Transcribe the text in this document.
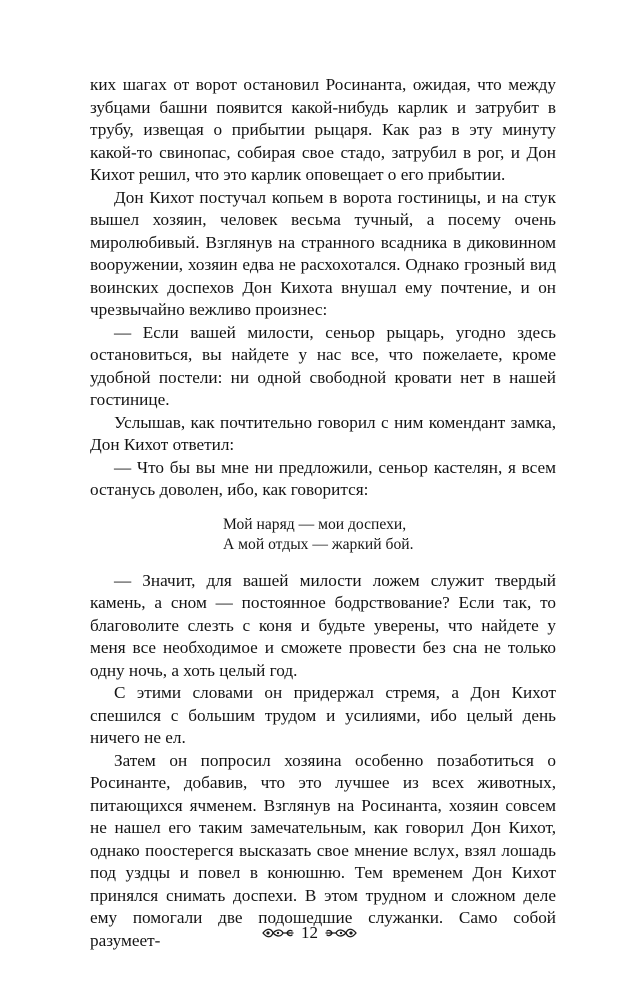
ких шагах от ворот остановил Росинанта, ожидая, что между зубцами башни появится какой-нибудь карлик и затрубит в трубу, извещая о прибытии рыцаря. Как раз в эту минуту какой-то свинопас, собирая свое стадо, затрубил в рог, и Дон Кихот решил, что это карлик оповещает о его прибытии.

Дон Кихот постучал копьем в ворота гостиницы, и на стук вышел хозяин, человек весьма тучный, а посему очень миролюбивый. Взглянув на странного всадника в диковинном вооружении, хозяин едва не расхохотался. Однако грозный вид воинских доспехов Дон Кихота внушал ему почтение, и он чрезвычайно вежливо произнес:

— Если вашей милости, сеньор рыцарь, угодно здесь остановиться, вы найдете у нас все, что пожелаете, кроме удобной постели: ни одной свободной кровати нет в нашей гостинице.

Услышав, как почтительно говорил с ним комендант замка, Дон Кихот ответил:

— Что бы вы мне ни предложили, сеньор кастелян, я всем останусь доволен, ибо, как говорится:

Мой наряд — мои доспехи,
А мой отдых — жаркий бой.

— Значит, для вашей милости ложем служит твердый камень, а сном — постоянное бодрствование? Если так, то благоволите слезть с коня и будьте уверены, что найдете у меня все необходимое и сможете провести без сна не только одну ночь, а хоть целый год.

С этими словами он придержал стремя, а Дон Кихот спешился с большим трудом и усилиями, ибо целый день ничего не ел.

Затем он попросил хозяина особенно позаботиться о Росинанте, добавив, что это лучшее из всех животных, питающихся ячменем. Взглянув на Росинанта, хозяин совсем не нашел его таким замечательным, как говорил Дон Кихот, однако поостерегся высказать свое мнение вслух, взял лошадь под уздцы и повел в конюшню. Тем временем Дон Кихот принялся снимать доспехи. В этом трудном и сложном деле ему помогали две подошедшие служанки. Само собой разумеет-	12
